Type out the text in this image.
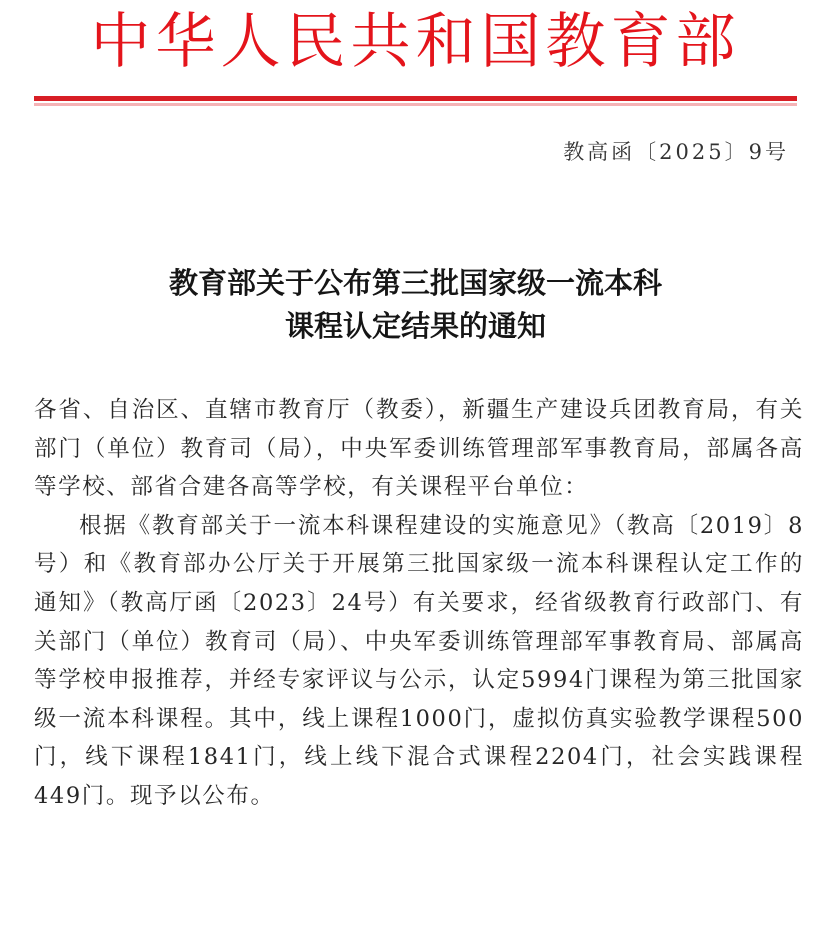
中华人民共和国教育部
教高函〔2025〕9号
教育部关于公布第三批国家级一流本科
课程认定结果的通知

各省、自治区、直辖市教育厅（教委），新疆生产建设兵团教育局，有关部门（单位）教育司（局），中央军委训练管理部军事教育局，部属各高等学校、部省合建各高等学校，有关课程平台单位：

根据《教育部关于一流本科课程建设的实施意见》（教高〔2019〕8号）和《教育部办公厅关于开展第三批国家级一流本科课程认定工作的通知》（教高厅函〔2023〕24号）有关要求，经省级教育行政部门、有关部门（单位）教育司（局）、中央军委训练管理部军事教育局、部属高等学校申报推荐，并经专家评议与公示，认定5994门课程为第三批国家级一流本科课程。其中，线上课程1000门，虚拟仿真实验教学课程500门，线下课程1841门，线上线下混合式课程2204门，社会实践课程449门。现予以公布。
